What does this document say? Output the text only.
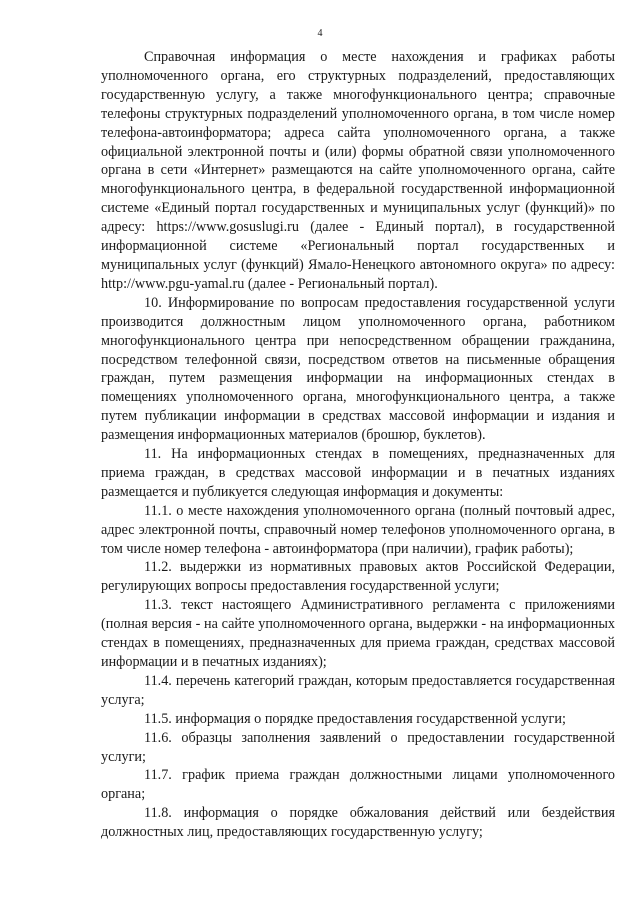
4

Справочная информация о месте нахождения и графиках работы уполномоченного органа, его структурных подразделений, предоставляющих государственную услугу, а также многофункционального центра; справочные телефоны структурных подразделений уполномоченного органа, в том числе номер телефона-автоинформатора; адреса сайта уполномоченного органа, а также официальной электронной почты и (или) формы обратной связи уполномоченного органа в сети «Интернет» размещаются на сайте уполномоченного органа, сайте многофункционального центра, в федеральной государственной информационной системе «Единый портал государственных и муниципальных услуг (функций)» по адресу: https://www.gosuslugi.ru (далее - Единый портал), в государственной информационной системе «Региональный портал государственных и муниципальных услуг (функций) Ямало-Ненецкого автономного округа» по адресу: http://www.pgu-yamal.ru (далее - Региональный портал).

10. Информирование по вопросам предоставления государственной услуги производится должностным лицом уполномоченного органа, работником многофункционального центра при непосредственном обращении гражданина, посредством телефонной связи, посредством ответов на письменные обращения граждан, путем размещения информации на информационных стендах в помещениях уполномоченного органа, многофункционального центра, а также путем публикации информации в средствах массовой информации и издания и размещения информационных материалов (брошюр, буклетов).

11. На информационных стендах в помещениях, предназначенных для приема граждан, в средствах массовой информации и в печатных изданиях размещается и публикуется следующая информация и документы:

11.1. о месте нахождения уполномоченного органа (полный почтовый адрес, адрес электронной почты, справочный номер телефонов уполномоченного органа, в том числе номер телефона - автоинформатора (при наличии), график работы);

11.2. выдержки из нормативных правовых актов Российской Федерации, регулирующих вопросы предоставления государственной услуги;

11.3. текст настоящего Административного регламента с приложениями (полная версия - на сайте уполномоченного органа, выдержки - на информационных стендах в помещениях, предназначенных для приема граждан, средствах массовой информации и в печатных изданиях);

11.4. перечень категорий граждан, которым предоставляется государственная услуга;

11.5. информация о порядке предоставления государственной услуги;

11.6. образцы заполнения заявлений о предоставлении государственной услуги;

11.7. график приема граждан должностными лицами уполномоченного органа;

11.8. информация о порядке обжалования действий или бездействия должностных лиц, предоставляющих государственную услугу;
